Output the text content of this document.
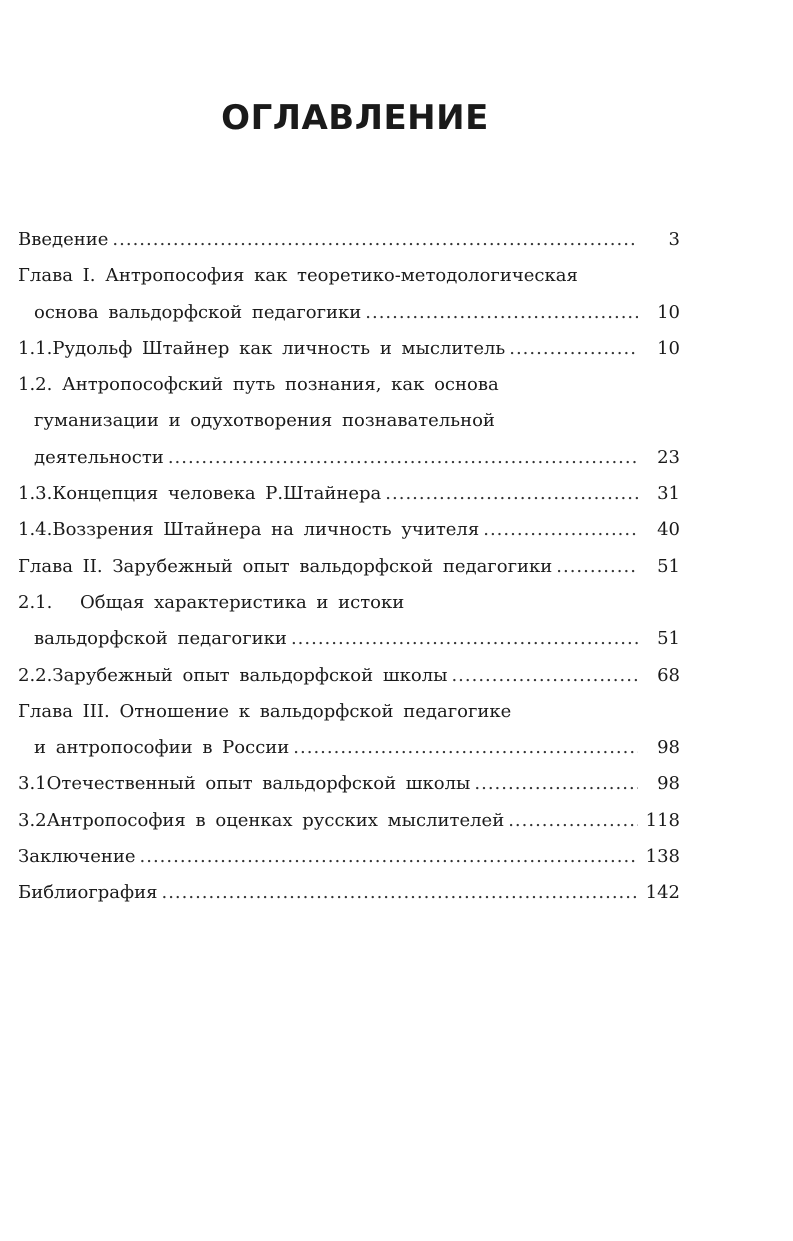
ОГЛАВЛЕНИЕ
Введение .....	3
Глава I. Антропософия как теоретико-методологическая
основа вальдорфской педагогики .....	10
1.1. Рудольф Штайнер как личность и мыслитель .....	10
1.2. Антропософский путь познания, как основа
гуманизации и одухотворения познавательной
деятельности .....	23
1.3. Концепция человека Р.Штайнера .....	31
1.4. Воззрения Штайнера на личность учителя .....	40
Глава II. Зарубежный опыт вальдорфской педагогики .....	51
2.1.	Общая характеристика и истоки
вальдорфской педагогики .....	51
2.2. Зарубежный опыт вальдорфской школы .....	68
Глава III. Отношение к вальдорфской педагогике
и антропософии в России .....	98
3.1 Отечественный опыт вальдорфской школы .....	98
3.2 Антропософия в оценках русских мыслителей .....	118
Заключение .....	138
Библиография .....	142
